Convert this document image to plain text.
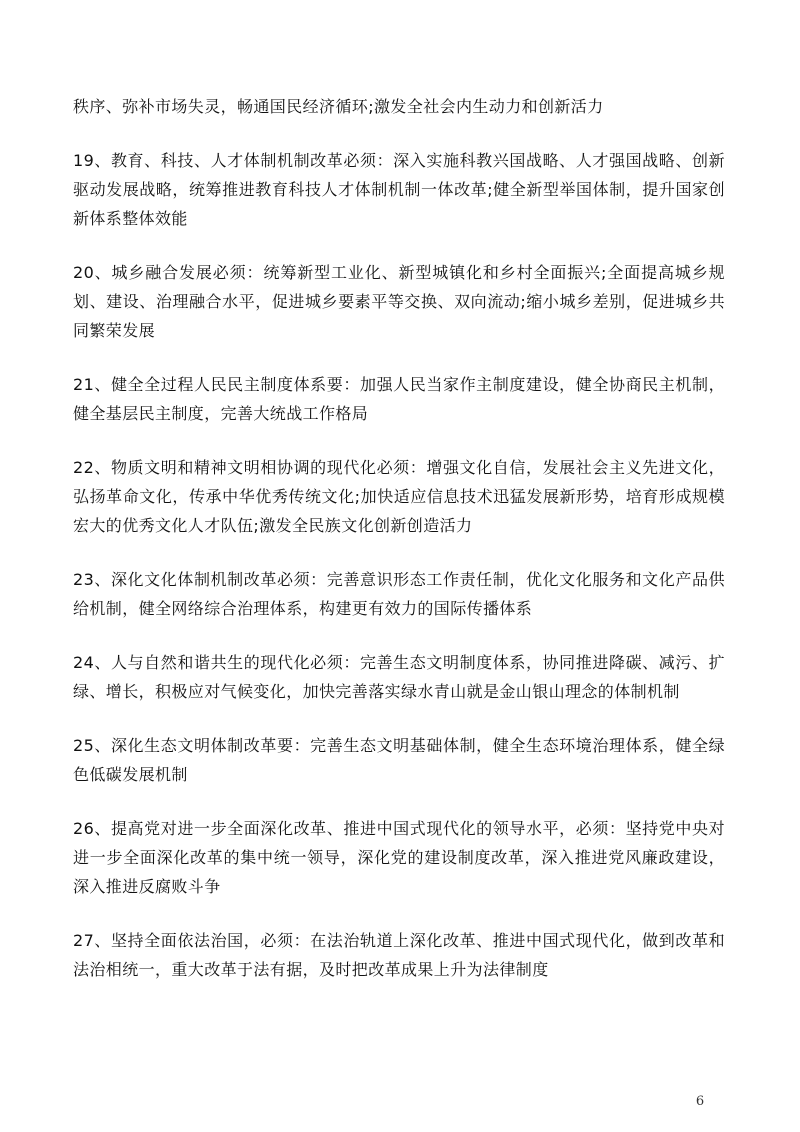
秩序、弥补市场失灵，畅通国民经济循环;激发全社会内生动力和创新活力

19、教育、科技、人才体制机制改革必须：深入实施科教兴国战略、人才强国战略、创新驱动发展战略，统筹推进教育科技人才体制机制一体改革;健全新型举国体制，提升国家创新体系整体效能

20、城乡融合发展必须：统筹新型工业化、新型城镇化和乡村全面振兴;全面提高城乡规划、建设、治理融合水平，促进城乡要素平等交换、双向流动;缩小城乡差别，促进城乡共同繁荣发展

21、健全全过程人民民主制度体系要：加强人民当家作主制度建设，健全协商民主机制，健全基层民主制度，完善大统战工作格局

22、物质文明和精神文明相协调的现代化必须：增强文化自信，发展社会主义先进文化，弘扬革命文化，传承中华优秀传统文化;加快适应信息技术迅猛发展新形势，培育形成规模宏大的优秀文化人才队伍;激发全民族文化创新创造活力

23、深化文化体制机制改革必须：完善意识形态工作责任制，优化文化服务和文化产品供给机制，健全网络综合治理体系，构建更有效力的国际传播体系

24、人与自然和谐共生的现代化必须：完善生态文明制度体系，协同推进降碳、减污、扩绿、增长，积极应对气候变化，加快完善落实绿水青山就是金山银山理念的体制机制

25、深化生态文明体制改革要：完善生态文明基础体制，健全生态环境治理体系，健全绿色低碳发展机制

26、提高党对进一步全面深化改革、推进中国式现代化的领导水平，必须：坚持党中央对进一步全面深化改革的集中统一领导，深化党的建设制度改革，深入推进党风廉政建设，深入推进反腐败斗争

27、坚持全面依法治国，必须：在法治轨道上深化改革、推进中国式现代化，做到改革和法治相统一，重大改革于法有据，及时把改革成果上升为法律制度

6
